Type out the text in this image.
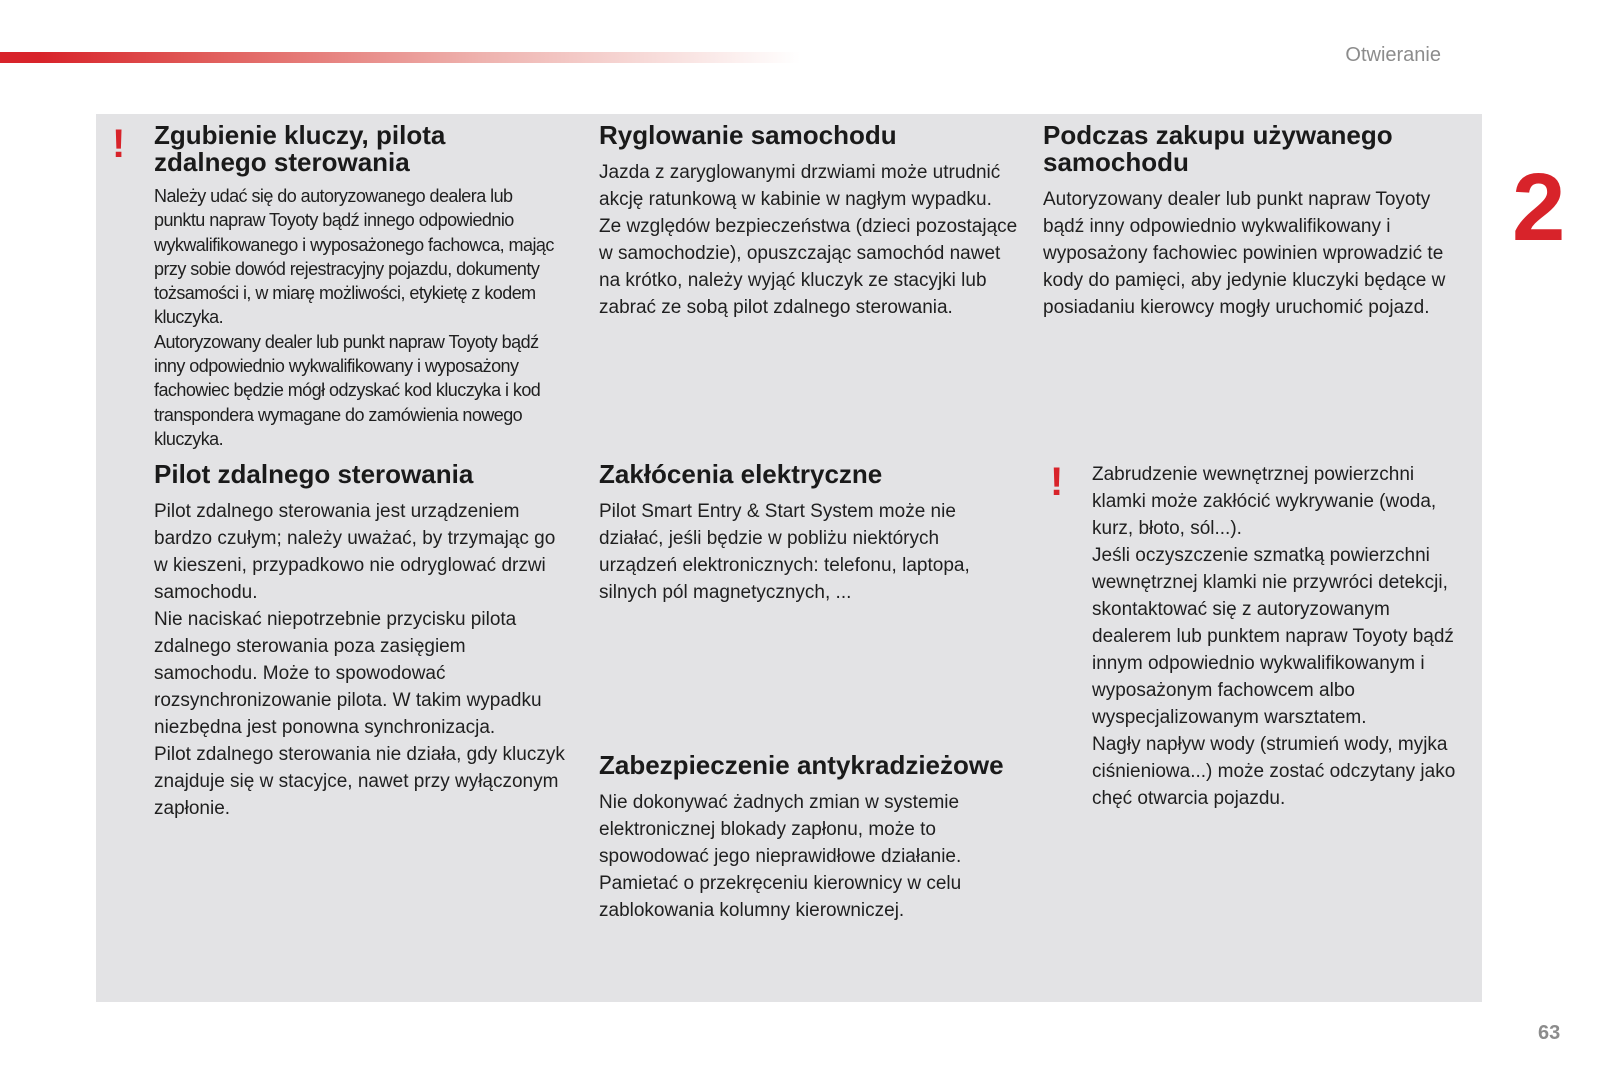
Otwieranie
2
! Zgubienie kluczy, pilota zdalnego sterowania

Należy udać się do autoryzowanego dealera lub punktu napraw Toyoty bądź innego odpowiednio wykwalifikowanego i wyposażonego fachowca, mając przy sobie dowód rejestracyjny pojazdu, dokumenty tożsamości i, w miarę możliwości, etykietę z kodem kluczyka.
Autoryzowany dealer lub punkt napraw Toyoty bądź inny odpowiednio wykwalifikowany i wyposażony fachowiec będzie mógł odzyskać kod kluczyka i kod transpondera wymagane do zamówienia nowego kluczyka.

Ryglowanie samochodu

Jazda z zaryglowanymi drzwiami może utrudnić akcję ratunkową w kabinie w nagłym wypadku.
Ze względów bezpieczeństwa (dzieci pozostające w samochodzie), opuszczając samochód nawet na krótko, należy wyjąć kluczyk ze stacyjki lub zabrać ze sobą pilot zdalnego sterowania.

Podczas zakupu używanego samochodu

Autoryzowany dealer lub punkt napraw Toyoty bądź inny odpowiednio wykwalifikowany i wyposażony fachowiec powinien wprowadzić te kody do pamięci, aby jedynie kluczyki będące w posiadaniu kierowcy mogły uruchomić pojazd.

Pilot zdalnego sterowania

Pilot zdalnego sterowania jest urządzeniem bardzo czułym; należy uważać, by trzymając go w kieszeni, przypadkowo nie odryglować drzwi samochodu.
Nie naciskać niepotrzebnie przycisku pilota zdalnego sterowania poza zasięgiem samochodu. Może to spowodować rozsynchronizowanie pilota. W takim wypadku niezbędna jest ponowna synchronizacja.
Pilot zdalnego sterowania nie działa, gdy kluczyk znajduje się w stacyjce, nawet przy wyłączonym zapłonie.

Zakłócenia elektryczne

Pilot Smart Entry & Start System może nie działać, jeśli będzie w pobliżu niektórych urządzeń elektronicznych: telefonu, laptopa, silnych pól magnetycznych, ...

! Zabrudzenie wewnętrznej powierzchni klamki może zakłócić wykrywanie (woda, kurz, błoto, sól...).
Jeśli oczyszczenie szmatką powierzchni wewnętrznej klamki nie przywróci detekcji, skontaktować się z autoryzowanym dealerem lub punktem napraw Toyoty bądź innym odpowiednio wykwalifikowanym i wyposażonym fachowcem albo wyspecjalizowanym warsztatem.
Nagły napływ wody (strumień wody, myjka ciśnieniowa...) może zostać odczytany jako chęć otwarcia pojazdu.

Zabezpieczenie antykradzieżowe

Nie dokonywać żadnych zmian w systemie elektronicznej blokady zapłonu, może to spowodować jego nieprawidłowe działanie.
Pamietać o przekręceniu kierownicy w celu zablokowania kolumny kierowniczej.

63
